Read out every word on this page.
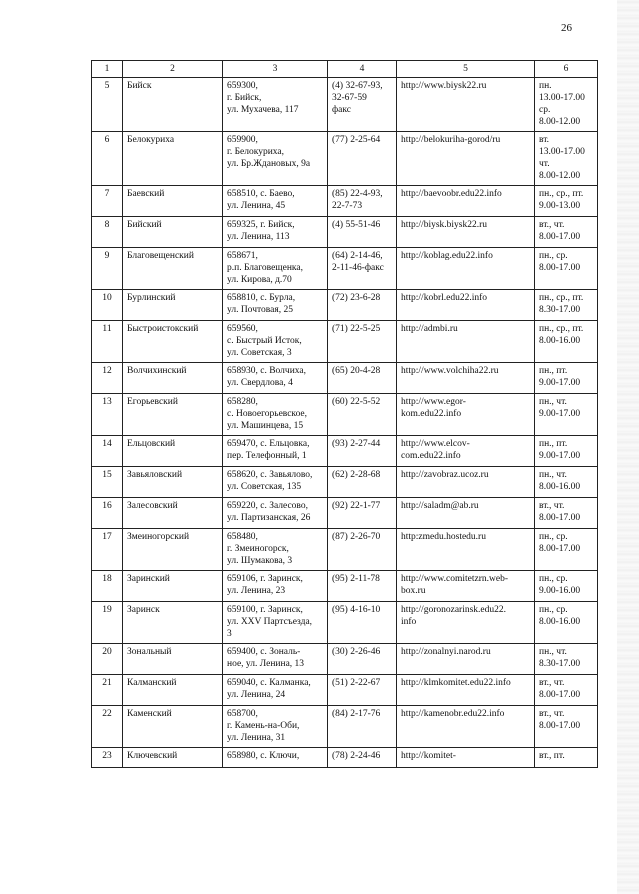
26
1	2	3	4	5	6
5	Бийск	659300,
г. Бийск,
ул. Мухачева, 117	(4) 32-67-93,
32-67-59
факс	http://www.biysk22.ru	пн.
13.00-17.00
ср.
8.00-12.00

6	Белокуриха	659900,
г. Белокуриха,
ул. Бр.Ждановых, 9а	(77) 2-25-64	http://belokuriha-gorod/ru	вт.
13.00-17.00
чт.
8.00-12.00

7	Баевский	658510, с. Баево,
ул. Ленина, 45	(85) 22-4-93,
22-7-73	http://baevoobr.edu22.info	пн., ср., пт.
9.00-13.00

8	Бийский	659325, г. Бийск,
ул. Ленина, 113	(4) 55-51-46	http://biysk.biysk22.ru	вт., чт.
8.00-17.00

9	Благовещенский	658671,
р.п. Благовещенка,
ул. Кирова, д.70	(64) 2-14-46,
2-11-46-факс	http://koblag.edu22.info	пн., ср.
8.00-17.00

10	Бурлинский	658810, с. Бурла,
ул. Почтовая, 25	(72) 23-6-28	http://kobrl.edu22.info	пн., ср., пт.
8.30-17.00

11	Быстроистокский	659560,
с. Быстрый Исток,
ул. Советская, 3	(71) 22-5-25	http://admbi.ru	пн., ср., пт.
8.00-16.00

12	Волчихинский	658930, с. Волчиха,
ул. Свердлова, 4	(65) 20-4-28	http://www.volchiha22.ru	пн., пт.
9.00-17.00

13	Егорьевский	658280,
с. Новоегорьевское,
ул. Машинцева, 15	(60) 22-5-52	http://www.egor-
kom.edu22.info	пн., чт.
9.00-17.00

14	Ельцовский	659470, с. Ельцовка,
пер. Телефонный, 1	(93) 2-27-44	http://www.elcov-
com.edu22.info	пн., пт.
9.00-17.00

15	Завьяловский	658620, с. Завьялово,
ул. Советская, 135	(62) 2-28-68	http://zavobraz.ucoz.ru	пн., чт.
8.00-16.00

16	Залесовский	659220, с. Залесово,
ул. Партизанская, 26	(92) 22-1-77	http://saladm@ab.ru	вт., чт.
8.00-17.00

17	Змеиногорский	658480,
г. Змеиногорск,
ул. Шумакова, 3	(87) 2-26-70	http:zmedu.hostedu.ru	пн., ср.
8.00-17.00

18	Заринский	659106, г. Заринск,
ул. Ленина, 23	(95) 2-11-78	http://www.comitetzrn.web-
box.ru	пн., ср.
9.00-16.00

19	Заринск	659100, г. Заринск,
ул. XXV Партсъезда,
3	(95) 4-16-10	http://goronozarinsk.edu22.
info	пн., ср.
8.00-16.00

20	Зональный	659400, с. Зональ-
ное, ул. Ленина, 13	(30) 2-26-46	http://zonalnyi.narod.ru	пн., чт.
8.30-17.00

21	Калманский	659040, с. Калманка,
ул. Ленина, 24	(51) 2-22-67	http://klmkomitet.edu22.info	вт., чт.
8.00-17.00

22	Каменский	658700,
г. Камень-на-Оби,
ул. Ленина, 31	(84) 2-17-76	http://kamenobr.edu22.info	вт., чт.
8.00-17.00

23	Ключевский	658980, с. Ключи,	(78) 2-24-46	http://komitet-	вт., пт.
